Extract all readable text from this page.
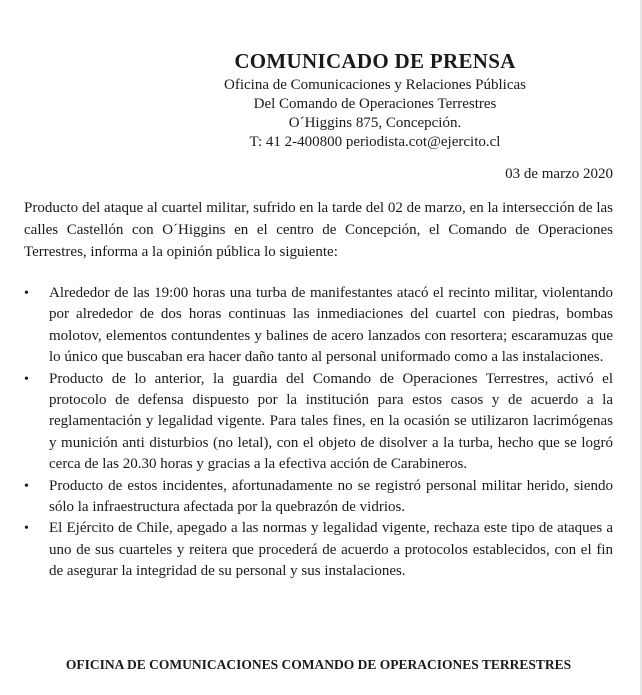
COMUNICADO DE PRENSA
Oficina de Comunicaciones y Relaciones Públicas
Del Comando de Operaciones Terrestres
O´Higgins 875, Concepción.
T: 41 2-400800 periodista.cot@ejercito.cl
03 de marzo 2020
Producto del ataque al cuartel militar, sufrido en la tarde del 02 de marzo, en la intersección de las calles Castellón con O´Higgins en el centro de Concepción, el Comando de Operaciones Terrestres, informa a la opinión pública lo siguiente:
• Alrededor de las 19:00 horas una turba de manifestantes atacó el recinto militar, violentando por alrededor de dos horas continuas las inmediaciones del cuartel con piedras, bombas molotov, elementos contundentes y balines de acero lanzados con resortera; escaramuzas que lo único que buscaban era hacer daño tanto al personal uniformado como a las instalaciones.
• Producto de lo anterior, la guardia del Comando de Operaciones Terrestres, activó el protocolo de defensa dispuesto por la institución para estos casos y de acuerdo a la reglamentación y legalidad vigente. Para tales fines, en la ocasión se utilizaron lacrimógenas y munición anti disturbios (no letal), con el objeto de disolver a la turba, hecho que se logró cerca de las 20.30 horas y gracias a la efectiva acción de Carabineros.
• Producto de estos incidentes, afortunadamente no se registró personal militar herido, siendo sólo la infraestructura afectada por la quebrazón de vidrios.
• El Ejército de Chile, apegado a las normas y legalidad vigente, rechaza este tipo de ataques a uno de sus cuarteles y reitera que procederá de acuerdo a protocolos establecidos, con el fin de asegurar la integridad de su personal y sus instalaciones.
OFICINA DE COMUNICACIONES COMANDO DE OPERACIONES TERRESTRES
